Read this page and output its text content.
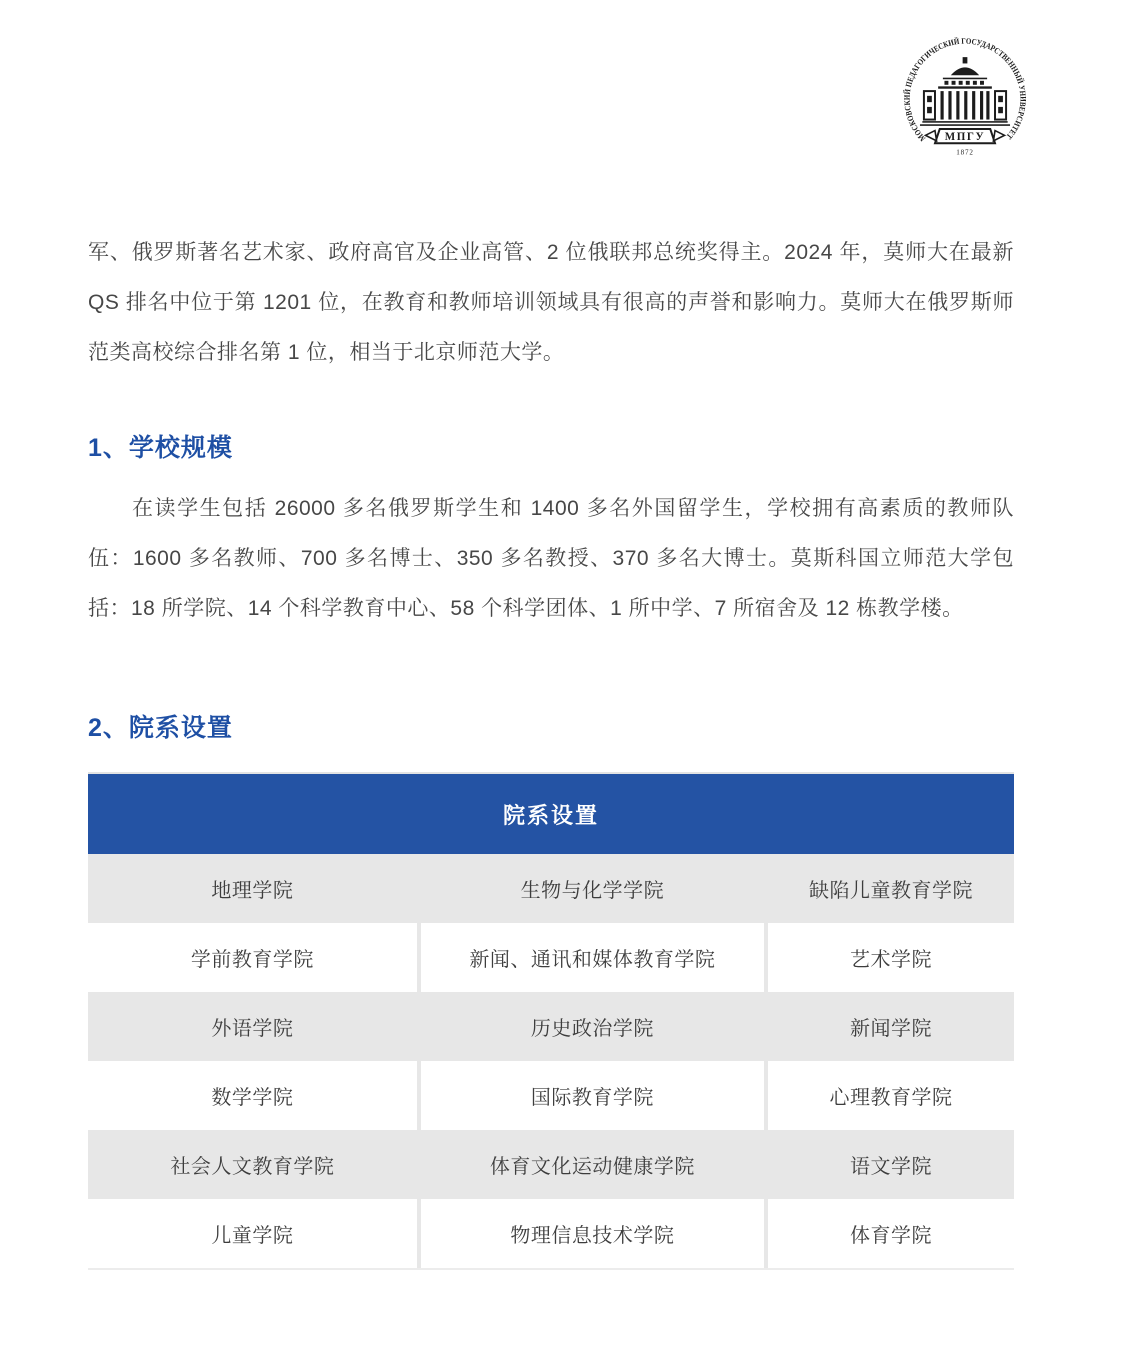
МОСКОВСКИЙ ПЕДАГОГИЧЕСКИЙ ГОСУДАРСТВЕННЫЙ УНИВЕРСИТЕТ
МПГУ
1872

军、俄罗斯著名艺术家、政府高官及企业高管、2 位俄联邦总统奖得主。2024 年，莫师大在最新 QS 排名中位于第 1201 位，在教育和教师培训领域具有很高的声誉和影响力。莫师大在俄罗斯师范类高校综合排名第 1 位，相当于北京师范大学。

1、学校规模

在读学生包括 26000 多名俄罗斯学生和 1400 多名外国留学生，学校拥有高素质的教师队伍：1600 多名教师、700 多名博士、350 多名教授、370 多名大博士。莫斯科国立师范大学包括：18 所学院、14 个科学教育中心、58 个科学团体、1 所中学、7 所宿舍及 12 栋教学楼。

2、院系设置
院系设置
地理学院	生物与化学学院	缺陷儿童教育学院
学前教育学院	新闻、通讯和媒体教育学院	艺术学院
外语学院	历史政治学院	新闻学院
数学学院	国际教育学院	心理教育学院
社会人文教育学院	体育文化运动健康学院	语文学院
儿童学院	物理信息技术学院	体育学院
